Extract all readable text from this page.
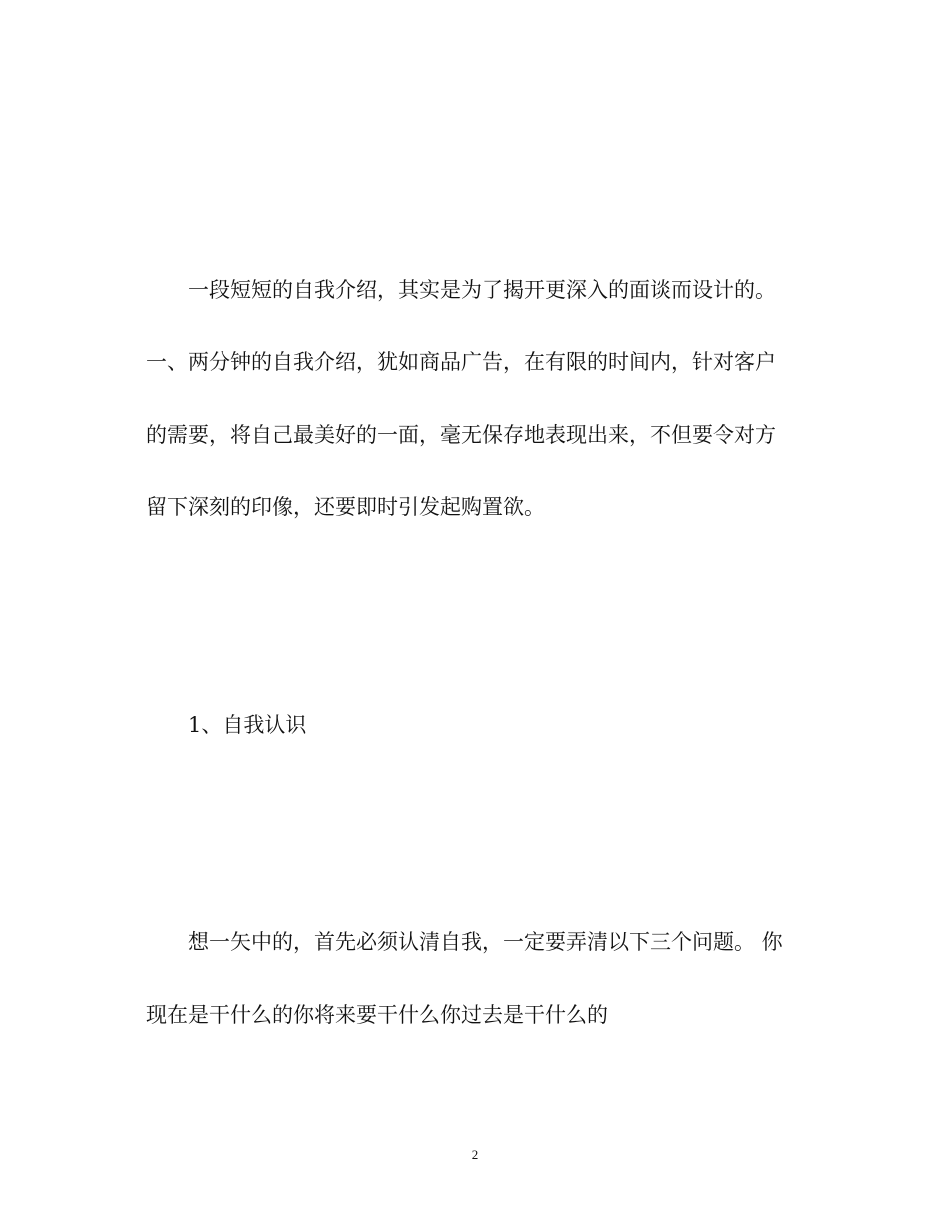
一段短短的自我介绍，其实是为了揭开更深入的面谈而设计的。
一、两分钟的自我介绍，犹如商品广告，在有限的时间内，针对客户
的需要，将自己最美好的一面，毫无保存地表现出来，不但要令对方
留下深刻的印像，还要即时引发起购置欲。
1、自我认识
想一矢中的，首先必须认清自我，一定要弄清以下三个问题。 你
现在是干什么的你将来要干什么你过去是干什么的
2
